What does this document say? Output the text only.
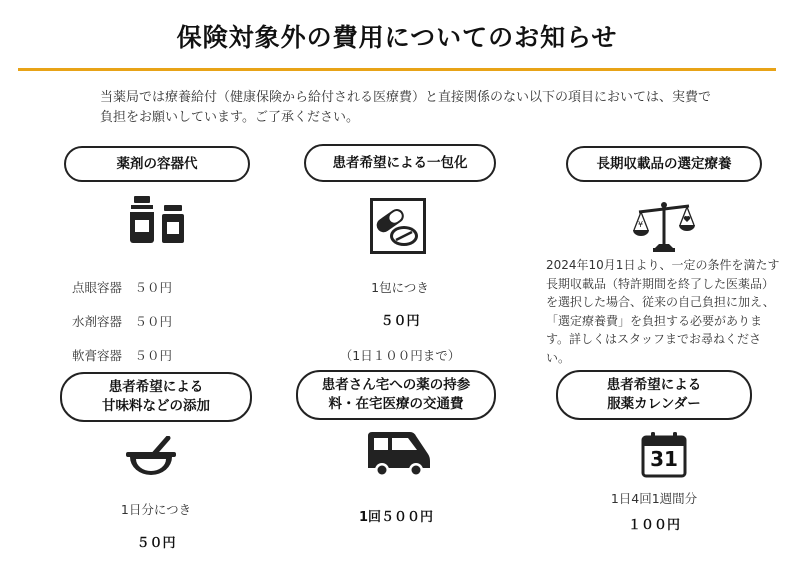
保険対象外の費用についてのお知らせ
当薬局では療養給付（健康保険から給付される医療費）と直接関係のない以下の項目においては、実費で負担をお願いしています。ご了承ください。
薬剤の容器代

点眼容器　５０円

水剤容器　５０円

軟膏容器　５０円

患者希望による一包化

1包につき

５０円

（1日１００円まで）

長期収載品の選定療養
¥
2024年10月1日より、一定の条件を満たす長期収載品（特許期間を終了した医薬品）を選択した場合、従来の自己負担に加え、「選定療養費」を負担する必要があります。詳しくはスタッフまでお尋ねください。
患者希望による
甘味料などの添加

1日分につき

５０円

患者さん宅への薬の持参
料・在宅医療の交通費
1回５００円
患者希望による
服薬カレンダー
31
1日4回1週間分
１００円
